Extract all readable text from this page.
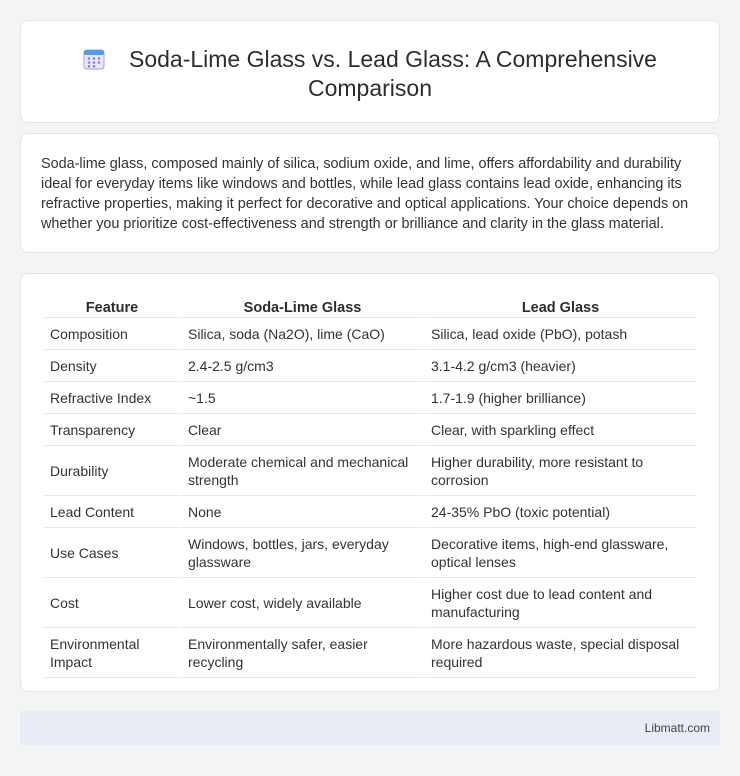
Soda-Lime Glass vs. Lead Glass: A Comprehensive Comparison

Soda-lime glass, composed mainly of silica, sodium oxide, and lime, offers affordability and durability ideal for everyday items like windows and bottles, while lead glass contains lead oxide, enhancing its refractive properties, making it perfect for decorative and optical applications. Your choice depends on whether you prioritize cost-effectiveness and strength or brilliance and clarity in the glass material.

Feature	Soda-Lime Glass	Lead Glass
Composition	Silica, soda (Na2O), lime (CaO)	Silica, lead oxide (PbO), potash
Density	2.4-2.5 g/cm3	3.1-4.2 g/cm3 (heavier)
Refractive Index	~1.5	1.7-1.9 (higher brilliance)
Transparency	Clear	Clear, with sparkling effect
Durability	Moderate chemical and mechanical strength	Higher durability, more resistant to corrosion
Lead Content	None	24-35% PbO (toxic potential)
Use Cases	Windows, bottles, jars, everyday glassware	Decorative items, high-end glassware, optical lenses
Cost	Lower cost, widely available	Higher cost due to lead content and manufacturing
Environmental Impact	Environmentally safer, easier recycling	More hazardous waste, special disposal required
Libmatt.com
